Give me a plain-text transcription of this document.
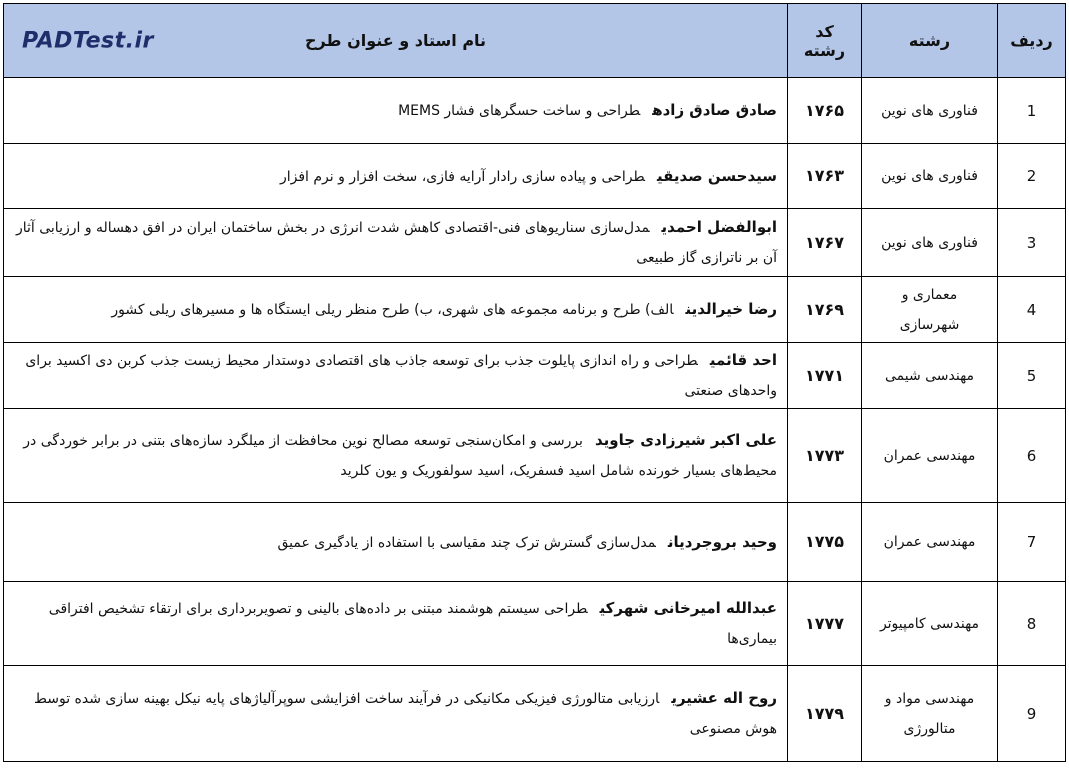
ردیف	رشته	کد رشته	نام استاد و عنوان طرح
PADTest.ir

1	فناوری های نوین	۱۷۶۵	صادق صادق زادهطراحی و ساخت حسگرهای فشار MEMS
2	فناوری های نوین	۱۷۶۳	سیدحسن صدیقیطراحی و پیاده سازی رادار آرایه فازی، سخت افزار و نرم افزار
3	فناوری های نوین	۱۷۶۷	ابوالفضل احمدیمدل‌سازی سناریوهای فنی-اقتصادی کاهش شدت انرژی در بخش ساختمان ایران در افق دهساله و ارزیابی آثار آن بر ناترازی گاز طبیعی
4	معماری و شهرسازی	۱۷۶۹	رضا خیرالدینالف) طرح و برنامه مجموعه های شهری، ب) طرح منظر ریلی ایستگاه ها و مسیرهای ریلی کشور
5	مهندسی شیمی	۱۷۷۱	احد قائمیطراحی و راه اندازی پایلوت جذب برای توسعه جاذب های اقتصادی دوستدار محیط زیست جذب کربن دی اکسید برای واحدهای صنعتی
6	مهندسی عمران	۱۷۷۳	علی اکبر شیرزادی جاویدبررسی و امکان‌سنجی توسعه مصالح نوین محافظت از میلگرد سازه‌های بتنی در برابر خوردگی در محیط‌های بسیار خورنده شامل اسید فسفریک، اسید سولفوریک و یون کلرید
7	مهندسی عمران	۱۷۷۵	وحید بروجردیانمدل‌سازی گسترش ترک چند مقیاسی با استفاده از یادگیری عمیق
8	مهندسی کامپیوتر	۱۷۷۷	عبدالله امیرخانی شهرکیطراحی سیستم هوشمند مبتنی بر داده‌های بالینی و تصویربرداری برای ارتقاء تشخیص افتراقی بیماری‌ها
9	مهندسی مواد و متالورژی	۱۷۷۹	روح اله عشیریارزیابی متالورژی فیزیکی مکانیکی در فرآیند ساخت افزایشی سوپرآلیاژهای پایه نیکل بهینه سازی شده توسط هوش مصنوعی
